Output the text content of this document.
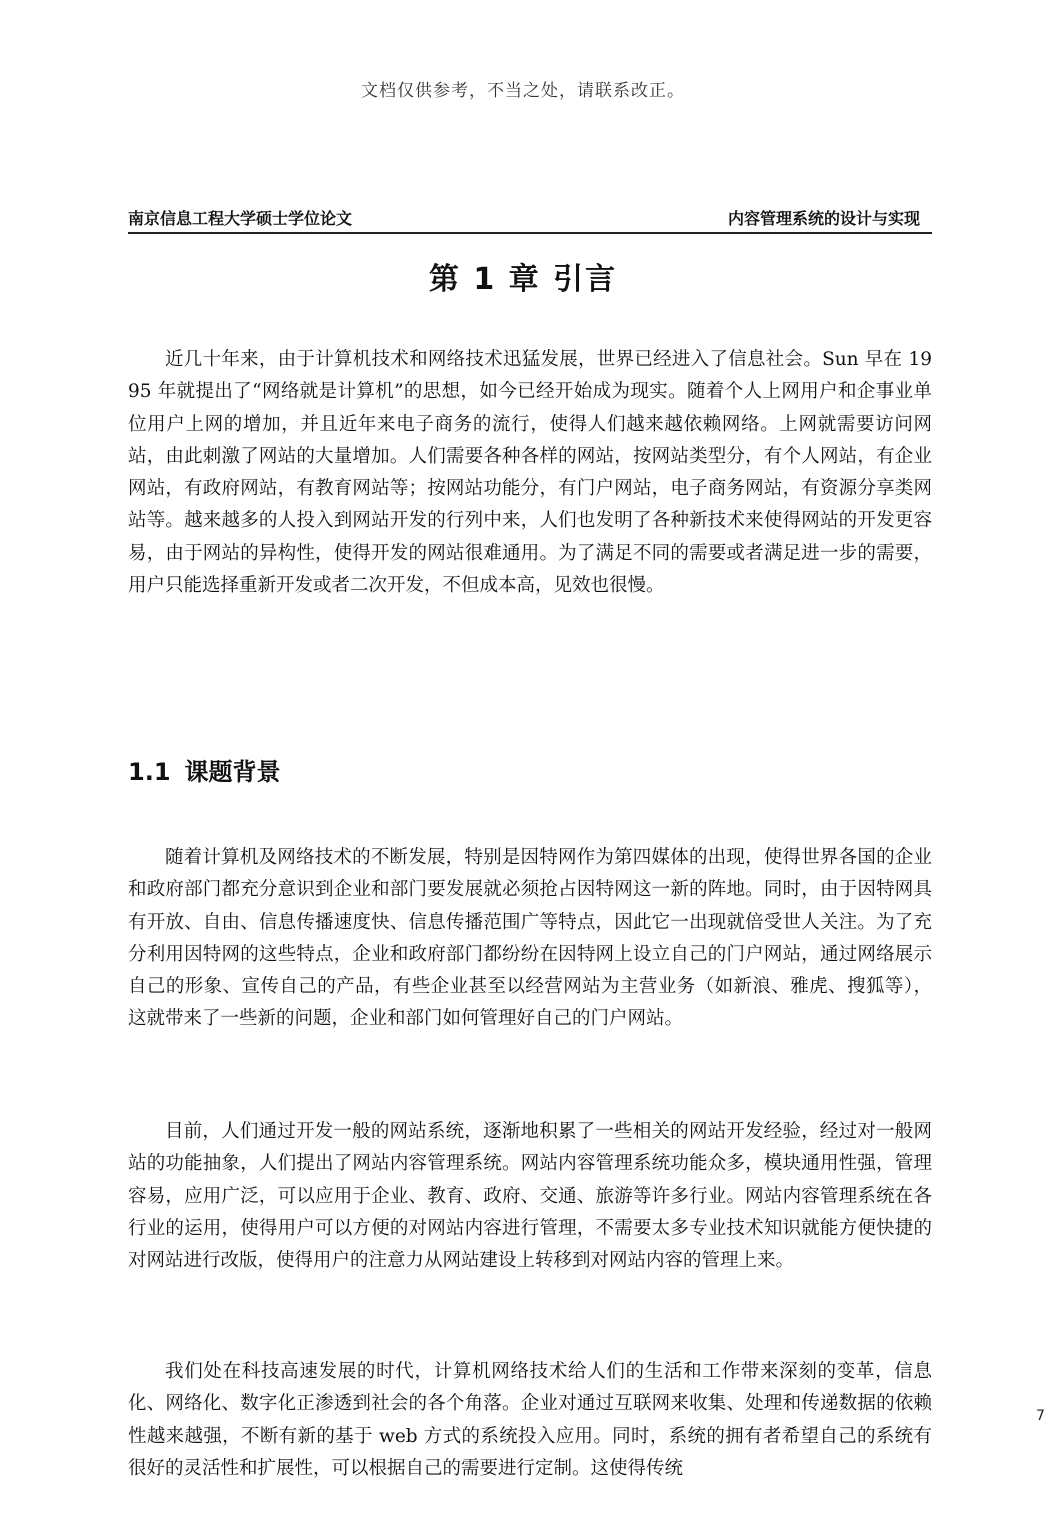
文档仅供参考，不当之处，请联系改正。
南京信息工程大学硕士学位论文	内容管理系统的设计与实现
第 1 章 引言

近几十年来，由于计算机技术和网络技术迅猛发展，世界已经进入了信息社会。Sun 早在 1995 年就提出了“网络就是计算机”的思想，如今已经开始成为现实。随着个人上网用户和企事业单位用户上网的增加，并且近年来电子商务的流行，使得人们越来越依赖网络。上网就需要访问网站，由此刺激了网站的大量增加。人们需要各种各样的网站，按网站类型分，有个人网站，有企业网站，有政府网站，有教育网站等；按网站功能分，有门户网站，电子商务网站，有资源分享类网站等。越来越多的人投入到网站开发的行列中来，人们也发明了各种新技术来使得网站的开发更容易，由于网站的异构性，使得开发的网站很难通用。为了满足不同的需要或者满足进一步的需要，用户只能选择重新开发或者二次开发，不但成本高，见效也很慢。

1.1 课题背景

随着计算机及网络技术的不断发展，特别是因特网作为第四媒体的出现，使得世界各国的企业和政府部门都充分意识到企业和部门要发展就必须抢占因特网这一新的阵地。同时，由于因特网具有开放、自由、信息传播速度快、信息传播范围广等特点，因此它一出现就倍受世人关注。为了充分利用因特网的这些特点，企业和政府部门都纷纷在因特网上设立自己的门户网站，通过网络展示自己的形象、宣传自己的产品，有些企业甚至以经营网站为主营业务（如新浪、雅虎、搜狐等），这就带来了一些新的问题，企业和部门如何管理好自己的门户网站。

目前，人们通过开发一般的网站系统，逐渐地积累了一些相关的网站开发经验，经过对一般网站的功能抽象，人们提出了网站内容管理系统。网站内容管理系统功能众多，模块通用性强，管理容易，应用广泛，可以应用于企业、教育、政府、交通、旅游等许多行业。网站内容管理系统在各行业的运用，使得用户可以方便的对网站内容进行管理，不需要太多专业技术知识就能方便快捷的对网站进行改版，使得用户的注意力从网站建设上转移到对网站内容的管理上来。

我们处在科技高速发展的时代，计算机网络技术给人们的生活和工作带来深刻的变革，信息化、网络化、数字化正渗透到社会的各个角落。企业对通过互联网来收集、处理和传递数据的依赖性越来越强，不断有新的基于 web 方式的系统投入应用。同时，系统的拥有者希望自己的系统有很好的灵活性和扩展性，可以根据自己的需要进行定制。这使得传统

7
